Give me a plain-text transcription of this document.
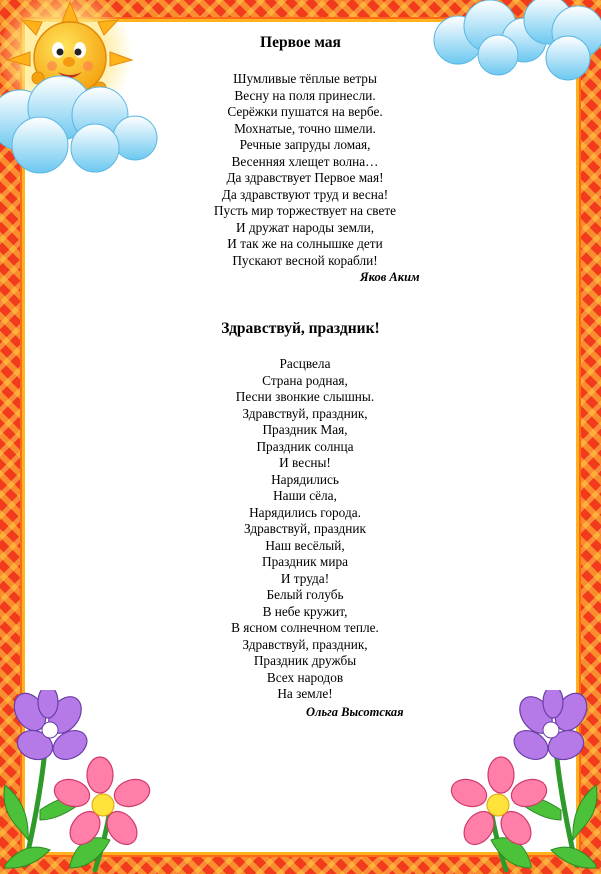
Первое мая
Шумливые тёплые ветры
Весну на поля принесли.
Серёжки пушатся на вербе.
Мохнатые, точно шмели.
Речные запруды ломая,
Весенняя хлещет волна…
Да здравствует Первое мая!
Да здравствуют труд и весна!
Пусть мир торжествует на свете
И дружат народы земли,
И так же на солнышке дети
Пускают весной корабли!
Яков Аким
Здравствуй, праздник!
Расцвела
Страна родная,
Песни звонкие слышны.
Здравствуй, праздник,
Праздник Мая,
Праздник солнца
И весны!
Нарядились
Наши сёла,
Нарядились города.
Здравствуй, праздник
Наш весёлый,
Праздник мира
И труда!
Белый голубь
В небе кружит,
В ясном солнечном тепле.
Здравствуй, праздник,
Праздник дружбы
Всех народов
На земле!
Ольга Высотская
